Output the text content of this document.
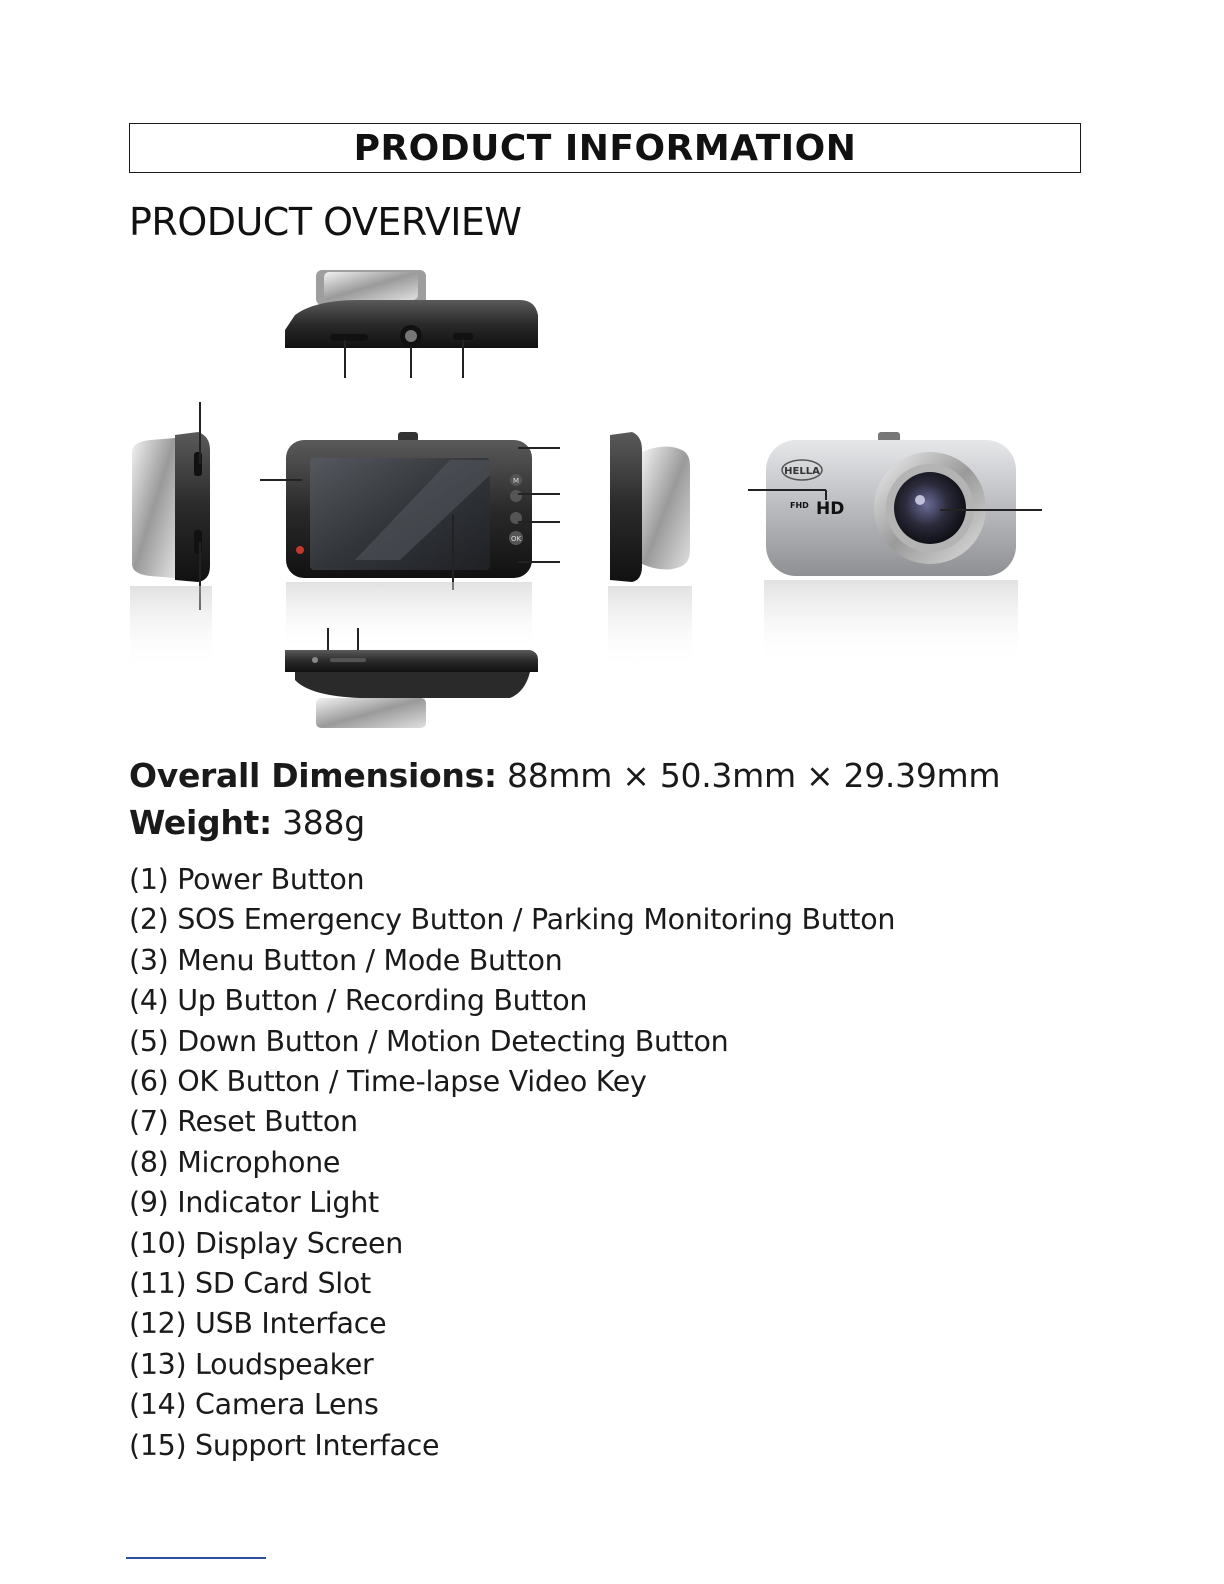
PRODUCT INFORMATION
PRODUCT OVERVIEW
M
OK
HELLA
FHD HD
Overall Dimensions: 88mm × 50.3mm × 29.39mm
Weight: 388g
(1) Power Button
(2) SOS Emergency Button / Parking Monitoring Button
(3) Menu Button / Mode Button
(4) Up Button / Recording Button
(5) Down Button / Motion Detecting Button
(6) OK Button / Time-lapse Video Key
(7) Reset Button
(8) Microphone
(9) Indicator Light
(10) Display Screen
(11) SD Card Slot
(12) USB Interface
(13) Loudspeaker
(14) Camera Lens
(15) Support Interface
